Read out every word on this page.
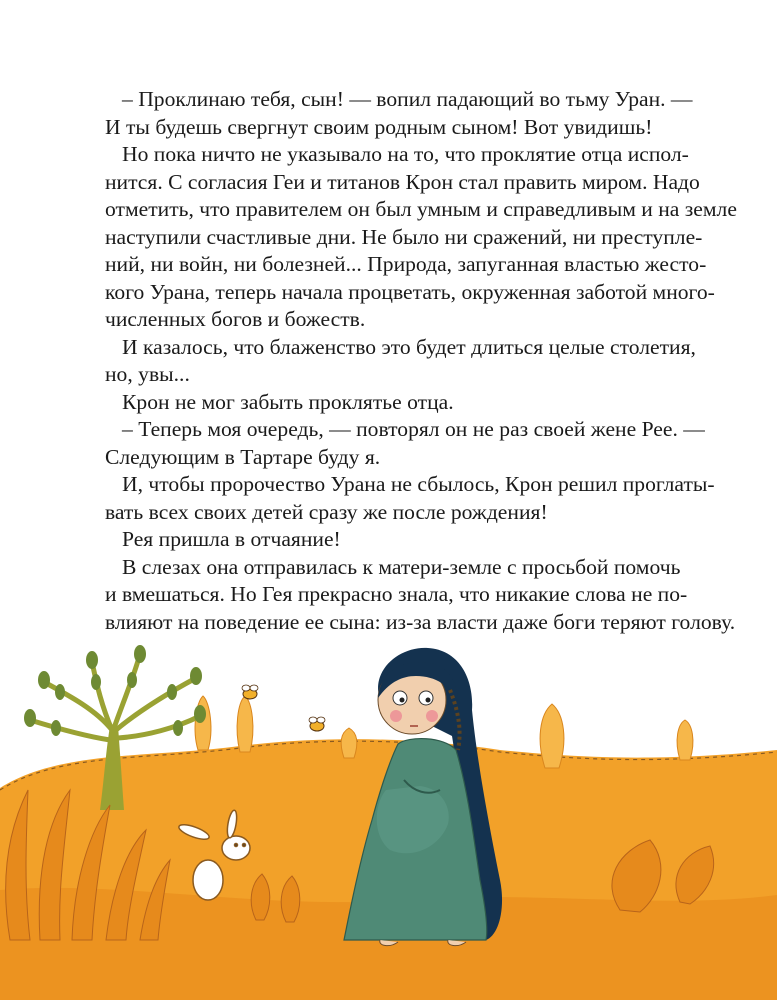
– Проклинаю тебя, сын! — вопил падающий во тьму Уран. —
И ты будешь свергнут своим родным сыном! Вот увидишь!
Но пока ничто не указывало на то, что проклятие отца испол-
нится. С согласия Геи и титанов Крон стал править миром. Надо
отметить, что правителем он был умным и справедливым и на земле
наступили счастливые дни. Не было ни сражений, ни преступле-
ний, ни войн, ни болезней... Природа, запуганная властью жесто-
кого Урана, теперь начала процветать, окруженная заботой много-
численных богов и божеств.
И казалось, что блаженство это будет длиться целые столетия,
но, увы...
Крон не мог забыть проклятье отца.
– Теперь моя очередь, — повторял он не раз своей жене Рее. —
Следующим в Тартаре буду я.
И, чтобы пророчество Урана не сбылось, Крон решил проглаты-
вать всех своих детей сразу же после рождения!
Рея пришла в отчаяние!
В слезах она отправилась к матери-земле с просьбой помочь
и вмешаться. Но Гея прекрасно знала, что никакие слова не по-
влияют на поведение ее сына: из-за власти даже боги теряют голову.
